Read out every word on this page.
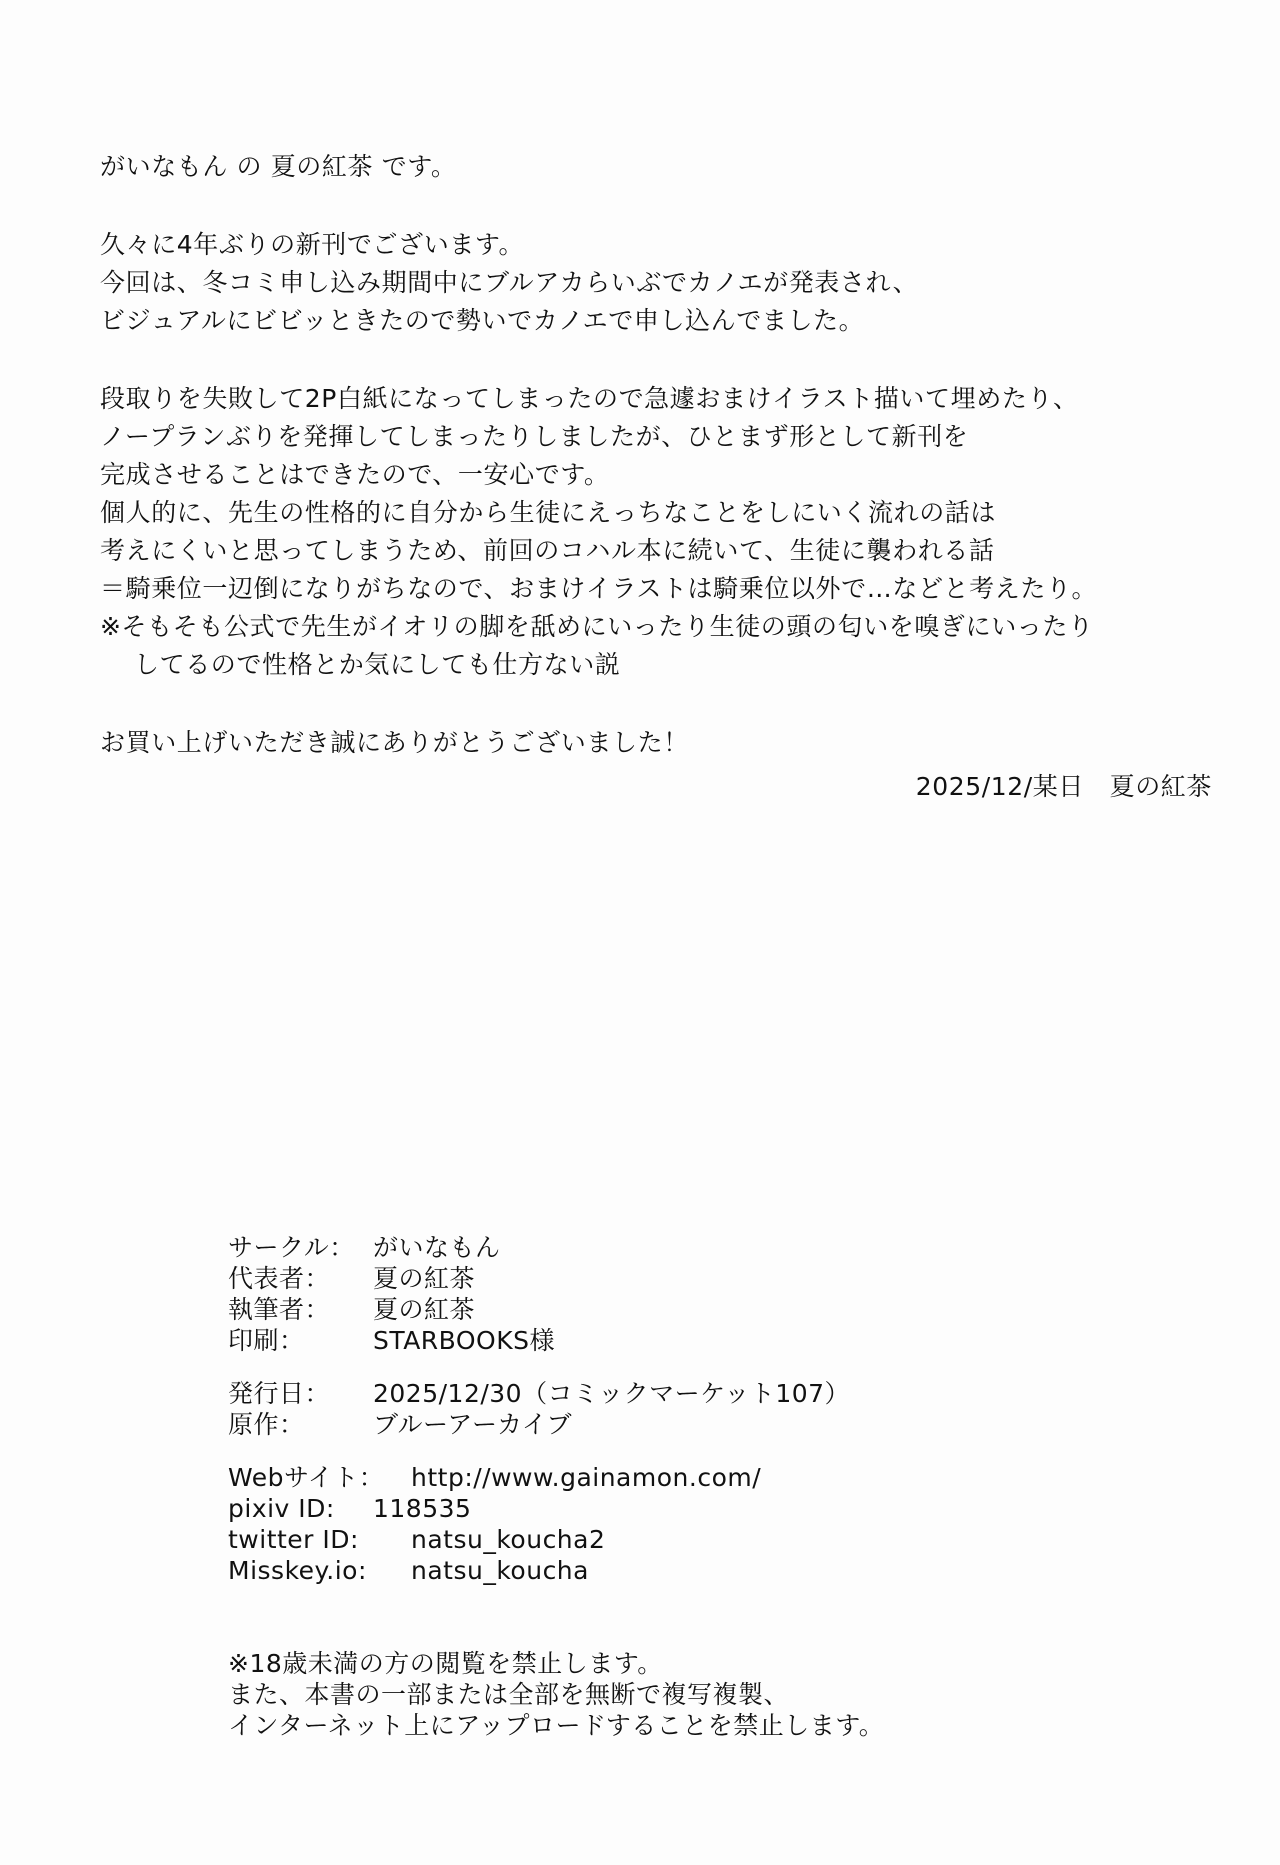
がいなもん の 夏の紅茶 です。
久々に4年ぶりの新刊でございます。
今回は、冬コミ申し込み期間中にブルアカらいぶでカノエが発表され、
ビジュアルにビビッときたので勢いでカノエで申し込んでました。
段取りを失敗して2P白紙になってしまったので急遽おまけイラスト描いて埋めたり、
ノープランぶりを発揮してしまったりしましたが、ひとまず形として新刊を
完成させることはできたので、一安心です。
個人的に、先生の性格的に自分から生徒にえっちなことをしにいく流れの話は
考えにくいと思ってしまうため、前回のコハル本に続いて、生徒に襲われる話
＝騎乗位一辺倒になりがちなので、おまけイラストは騎乗位以外で…などと考えたり。
※そもそも公式で先生がイオリの脚を舐めにいったり生徒の頭の匂いを嗅ぎにいったり
してるので性格とか気にしても仕方ない説
お買い上げいただき誠にありがとうございました！
2025/12/某日　夏の紅茶
サークル： がいなもん
代表者：	夏の紅茶
執筆者：	夏の紅茶
印刷：	STARBOOKS様
発行日：	2025/12/30（コミックマーケット107）
原作：	ブルーアーカイブ
Webサイト：	http://www.gainamon.com/
pixiv ID:	118535
twitter ID:	natsu_koucha2
Misskey.io:	natsu_koucha
※18歳未満の方の閲覧を禁止します。
また、本書の一部または全部を無断で複写複製、
インターネット上にアップロードすることを禁止します。
